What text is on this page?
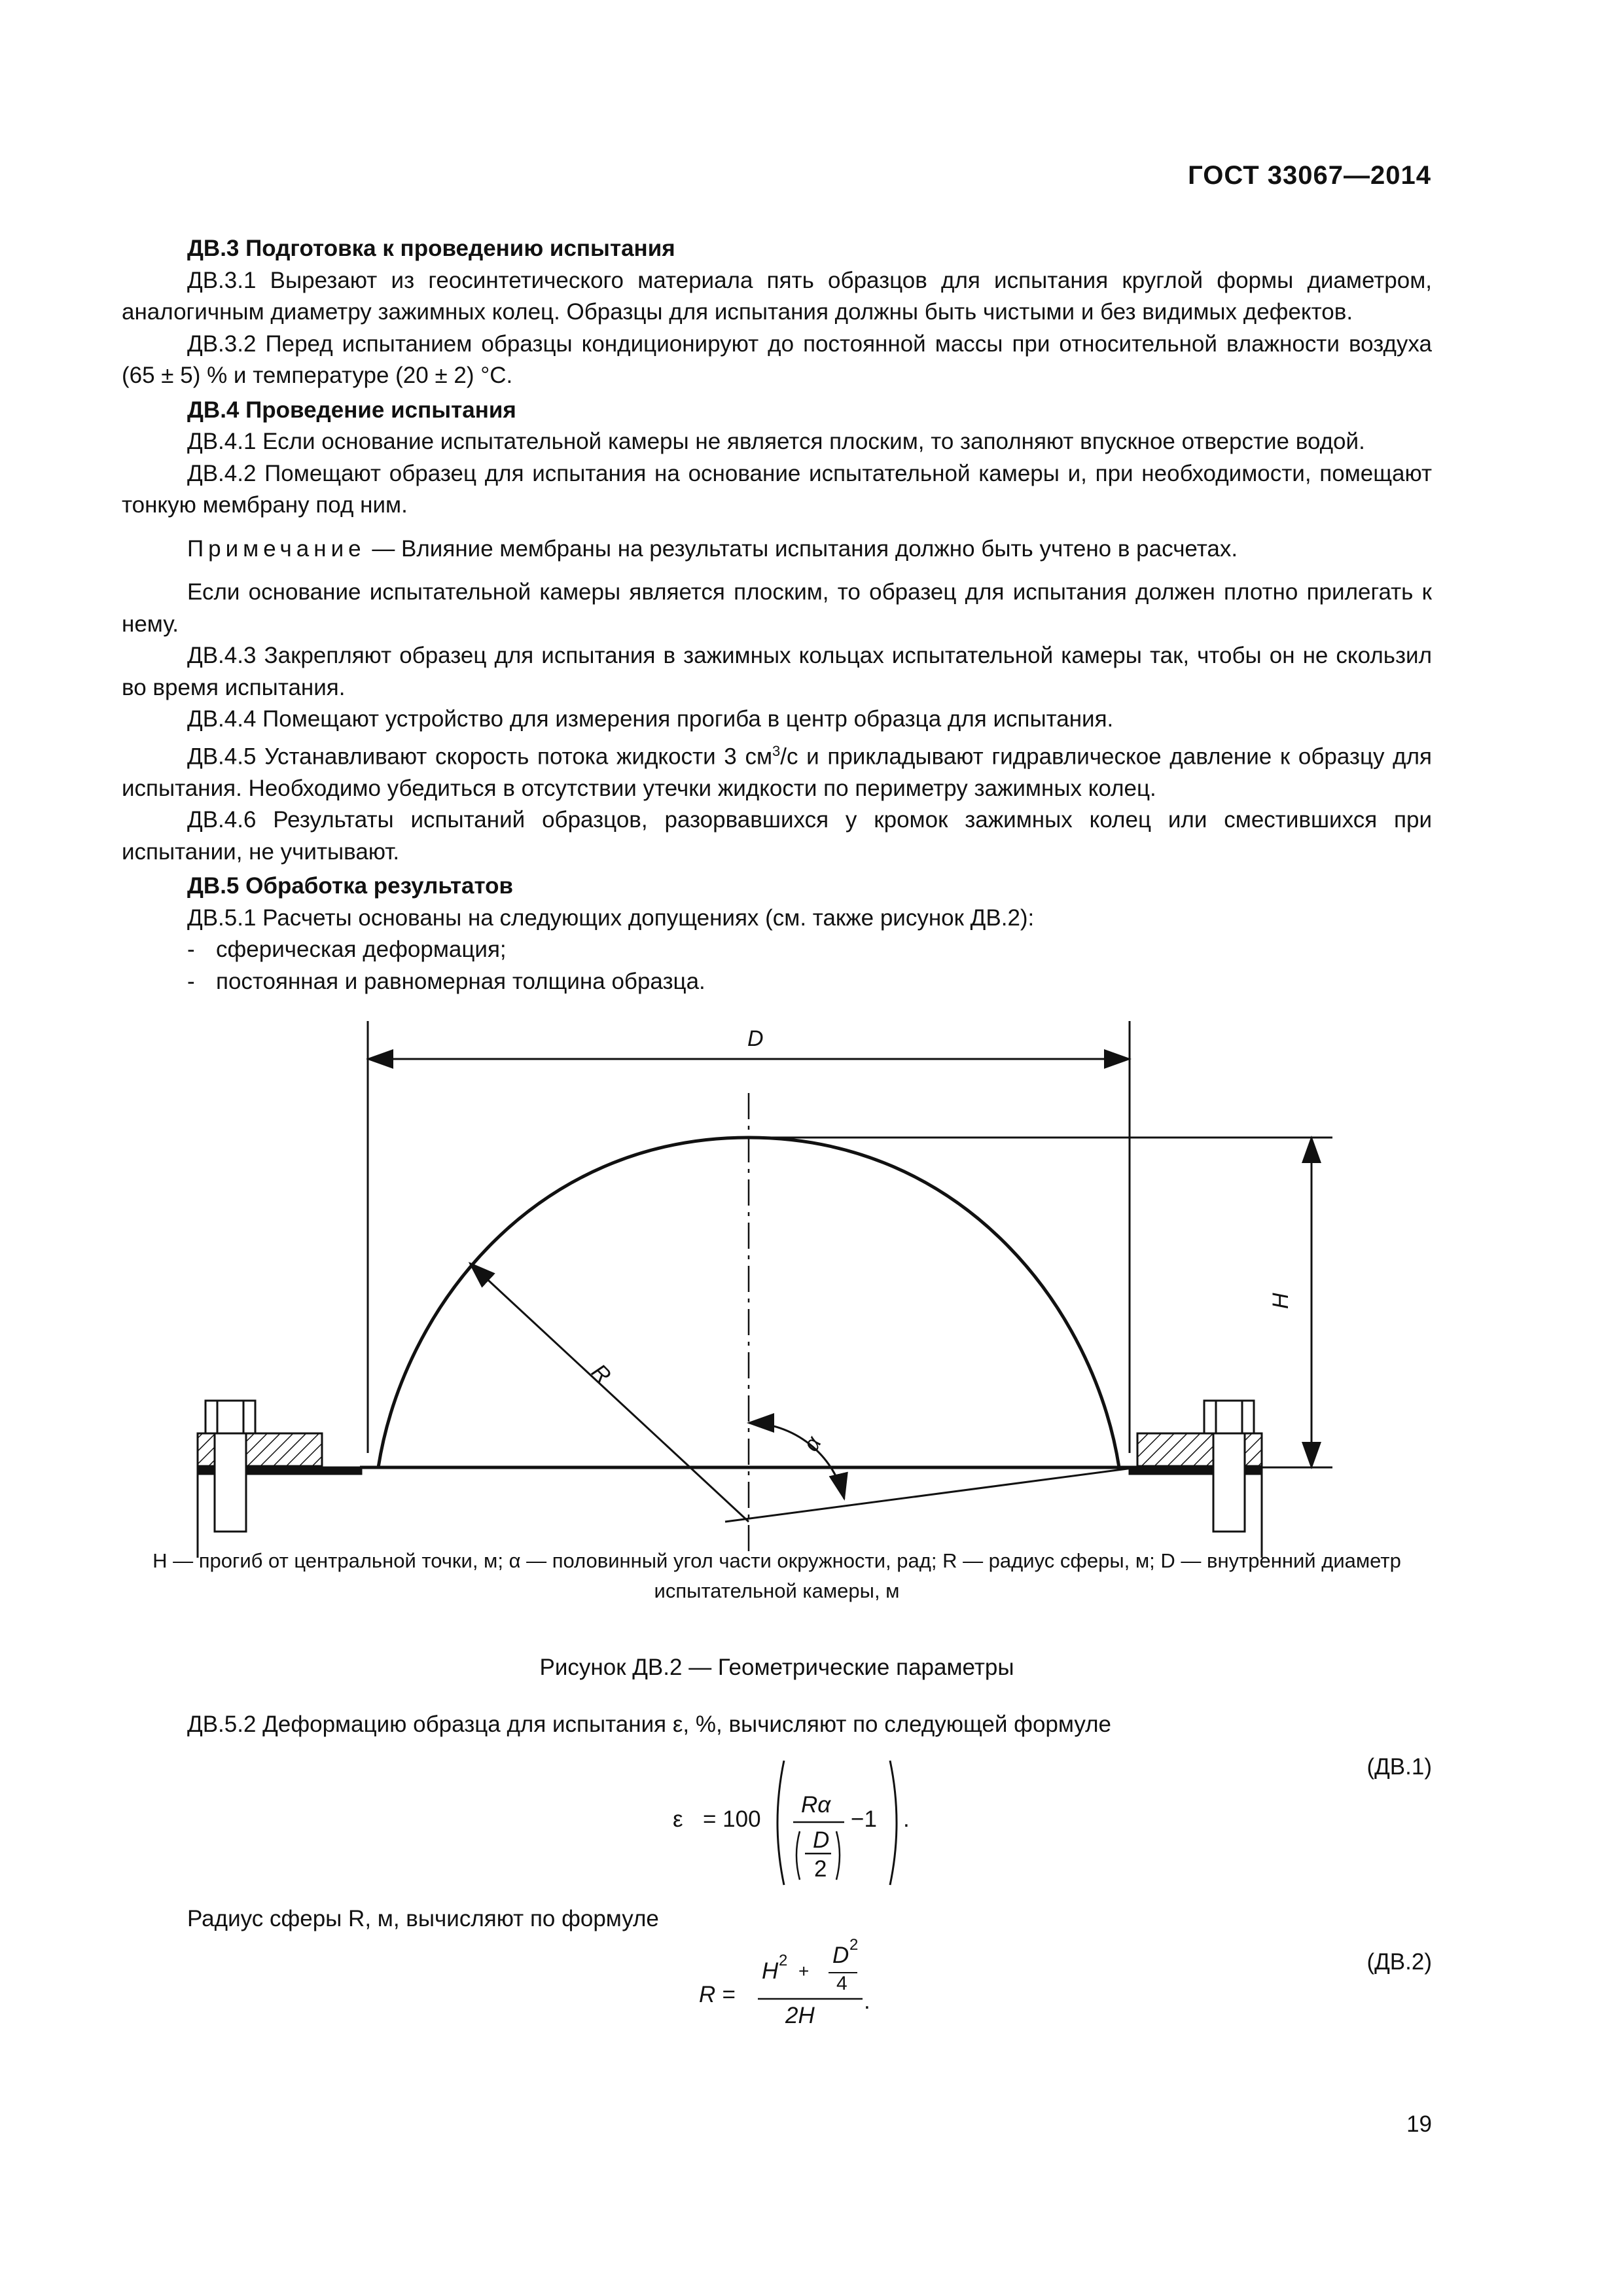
ГОСТ 33067—2014

ДВ.3 Подготовка к проведению испытания

ДВ.3.1 Вырезают из геосинтетического материала пять образцов для испытания круглой формы диаметром, аналогичным диаметру зажимных колец. Образцы для испытания должны быть чистыми и без видимых дефектов.

ДВ.3.2 Перед испытанием образцы кондиционируют до постоянной массы при относительной влажности воздуха (65 ± 5) % и температуре (20 ± 2) °С.

ДВ.4 Проведение испытания

ДВ.4.1 Если основание испытательной камеры не является плоским, то заполняют впускное отверстие водой.

ДВ.4.2 Помещают образец для испытания на основание испытательной камеры и, при необходимости, помещают тонкую мембрану под ним.

Примечание — Влияние мембраны на результаты испытания должно быть учтено в расчетах.

Если основание испытательной камеры является плоским, то образец для испытания должен плотно прилегать к нему.

ДВ.4.3 Закрепляют образец для испытания в зажимных кольцах испытательной камеры так, чтобы он не скользил во время испытания.

ДВ.4.4 Помещают устройство для измерения прогиба в центр образца для испытания.

ДВ.4.5 Устанавливают скорость потока жидкости 3 $см^3/с$ и прикладывают гидравлическое давление к образцу для испытания. Необходимо убедиться в отсутствии утечки жидкости по периметру зажимных колец.

ДВ.4.6 Результаты испытаний образцов, разорвавшихся у кромок зажимных колец или сместившихся при испытании, не учитывают.

ДВ.5 Обработка результатов

ДВ.5.1 Расчеты основаны на следующих допущениях (см. также рисунок ДВ.2):

- сферическая деформация;

- постоянная и равномерная толщина образца.

D
H
R
α
H — прогиб от центральной точки, м; α — половинный угол части окружности, рад; R — радиус сферы, м; D — внутренний диаметр испытательной камеры, м
Рисунок ДВ.2 — Геометрические параметры
ДВ.5.2 Деформацию образца для испытания ε, %, вычисляют по следующей формуле
(ДВ.1)
ε = 100
Rα
D
2
−1 .
Радиус сферы R, м, вычисляют по формуле
(ДВ.2)
R =
H 2
+
D 2
4
2H
.
19
